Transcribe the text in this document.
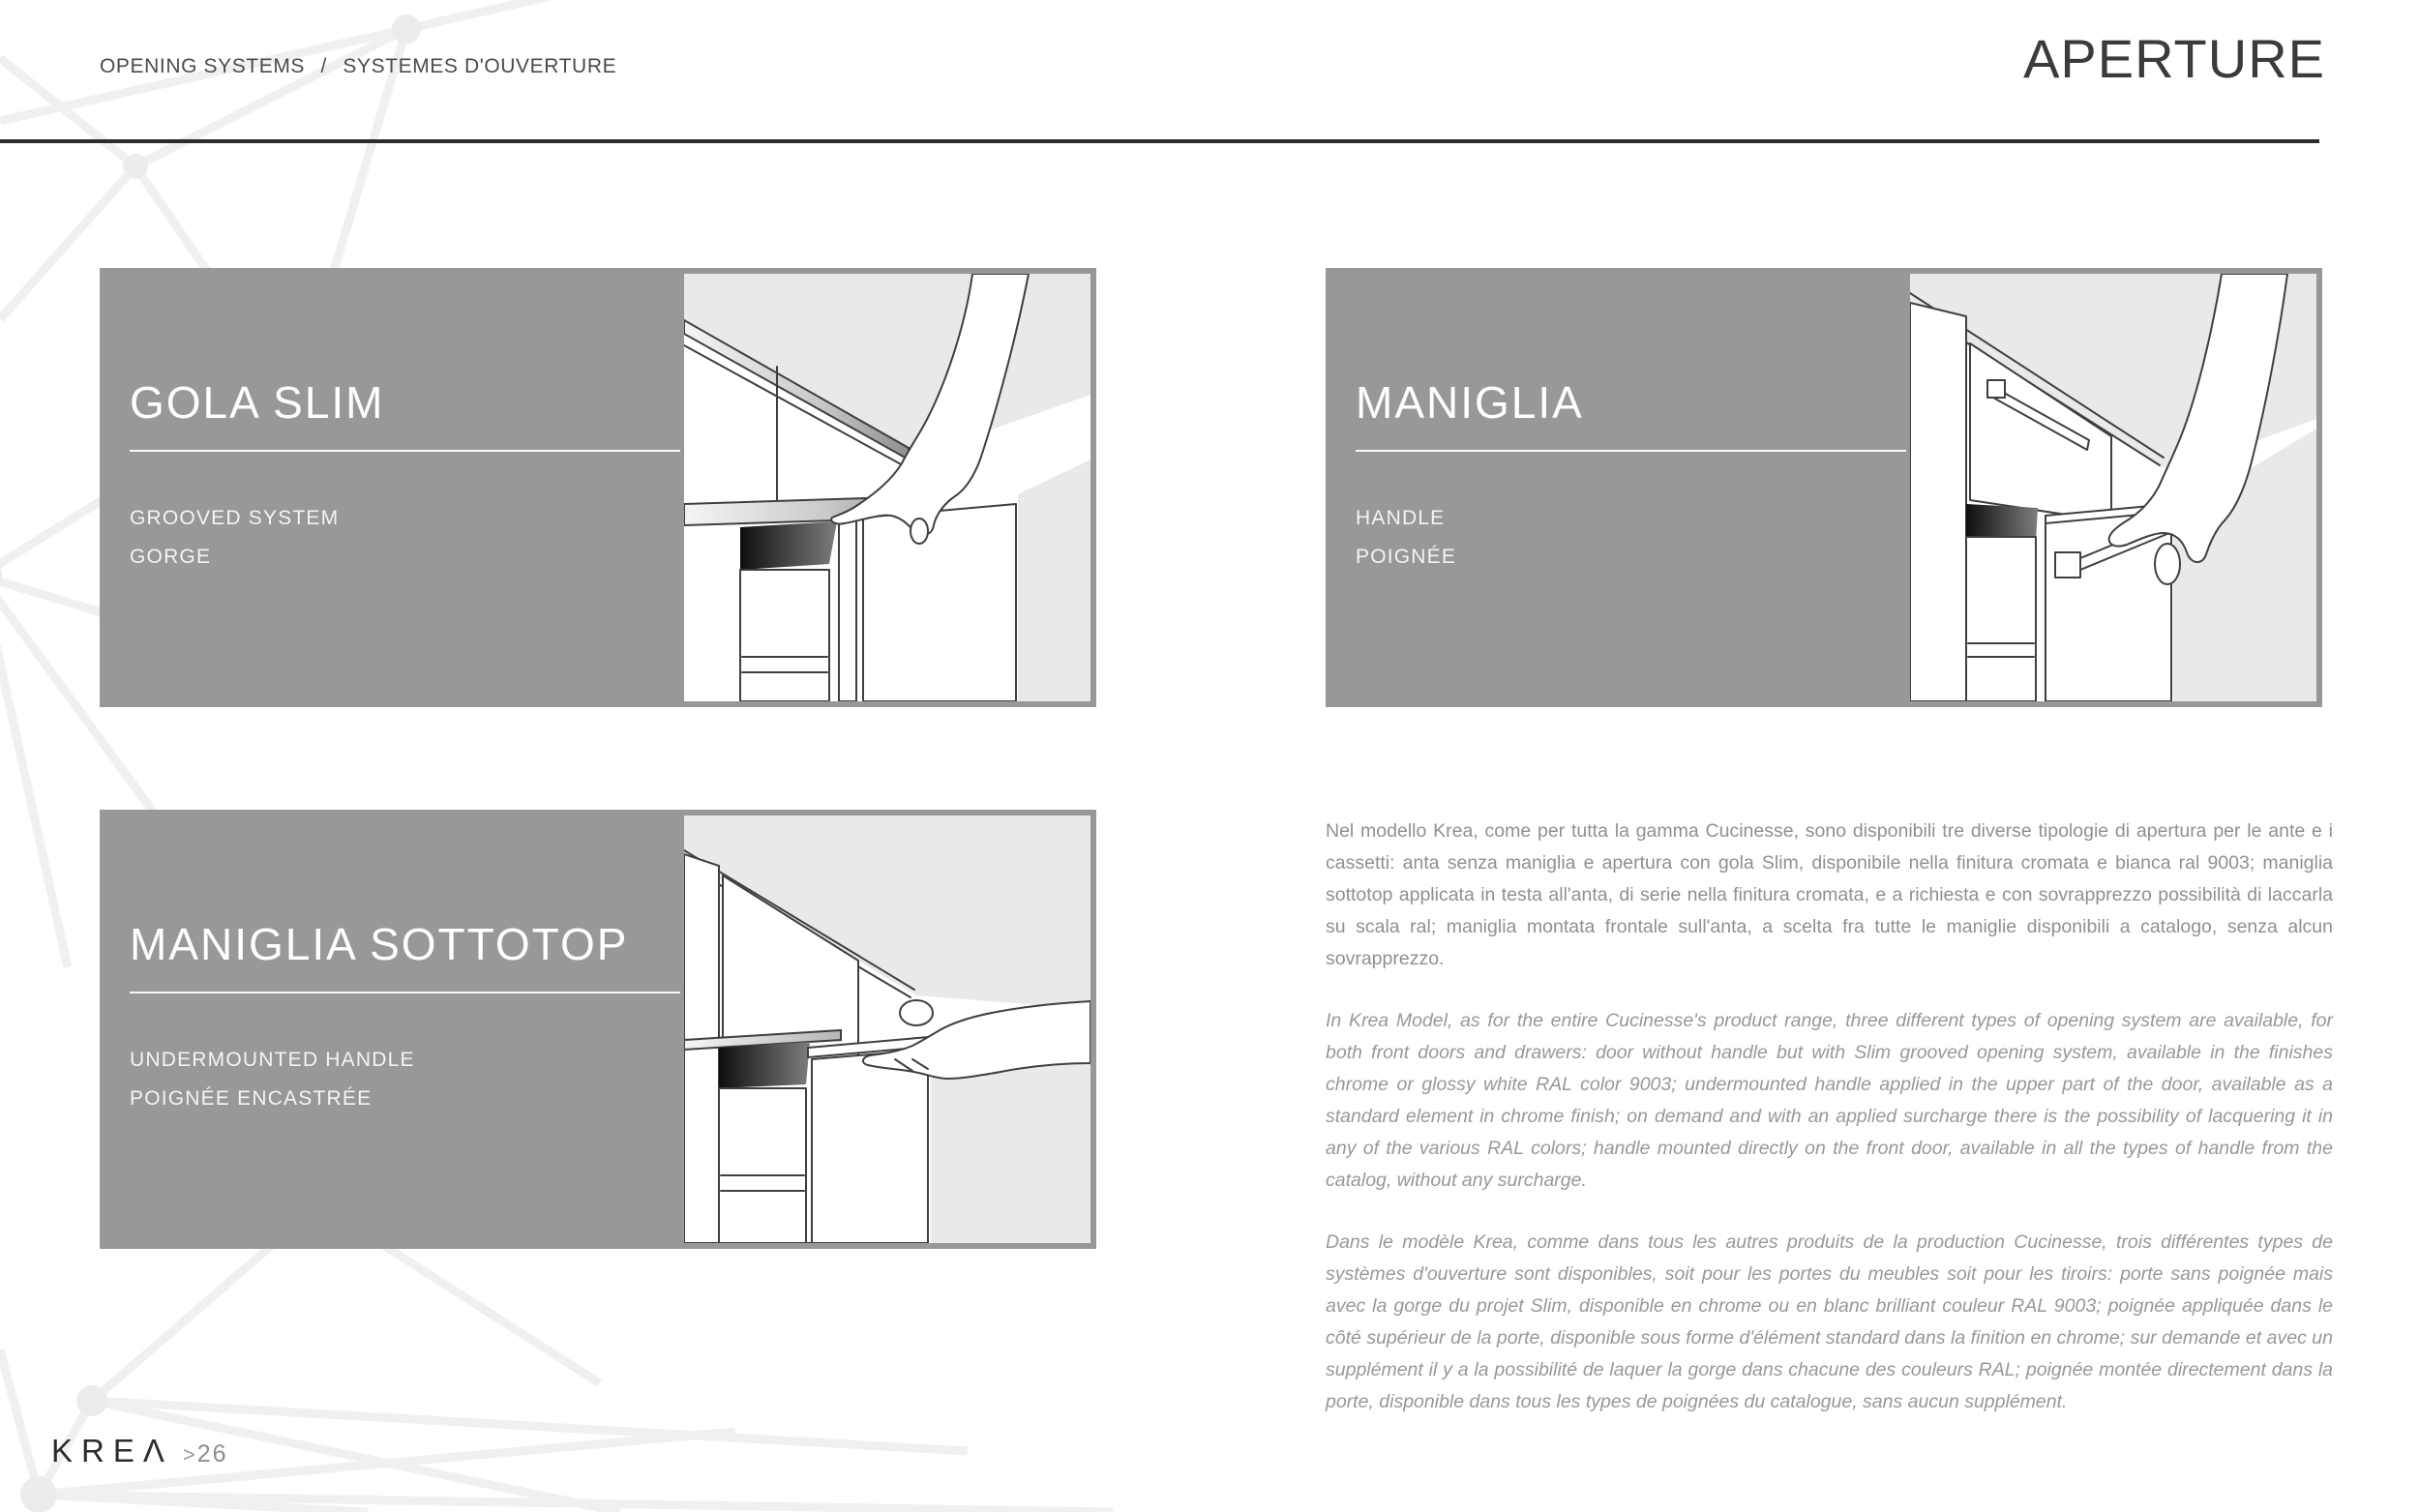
OPENING SYSTEMS / SYSTEMES D'OUVERTURE	APERTURE
GOLA SLIM
GROOVED SYSTEM
GORGE
MANIGLIA
HANDLE
POIGNÉE
MANIGLIA SOTTOTOP
UNDERMOUNTED HANDLE
POIGNÉE ENCASTRÉE

Nel modello Krea, come per tutta la gamma Cucinesse, sono disponibili tre diverse tipologie di apertura per le ante e i cassetti: anta senza maniglia e apertura con gola Slim, disponibile nella finitura cromata e bianca ral 9003; maniglia sottotop applicata in testa all'anta, di serie nella finitura cromata, e a richiesta e con sovrapprezzo possibilità di laccarla su scala ral; maniglia montata frontale sull'anta, a scelta fra tutte le maniglie disponibili a catalogo, senza alcun sovrapprezzo.

In Krea Model, as for the entire Cucinesse's product range, three different types of opening system are available, for both front doors and drawers: door without handle but with Slim grooved opening system, available in the finishes chrome or glossy white RAL color 9003; undermounted handle applied in the upper part of the door, available as a standard element in chrome finish; on demand and with an applied surcharge there is the possibility of lacquering it in any of the various RAL colors; handle mounted directly on the front door, available in all the types of handle from the catalog, without any surcharge.

Dans le modèle Krea, comme dans tous les autres produits de la production Cucinesse, trois différentes types de systèmes d'ouverture sont disponibles, soit pour les portes du meubles soit pour les tiroirs: porte sans poignée mais avec la gorge du projet Slim, disponible en chrome ou en blanc brilliant couleur RAL 9003; poignée appliquée dans le côté supérieur de la porte, disponible sous forme d'élément standard dans la finition en chrome; sur demande et avec un supplément il y a la possibilité de laquer la gorge dans chacune des couleurs RAL; poignée montée directement dans la porte, disponible dans tous les types de poignées du catalogue, sans aucun supplément.

KREΛ > 26
